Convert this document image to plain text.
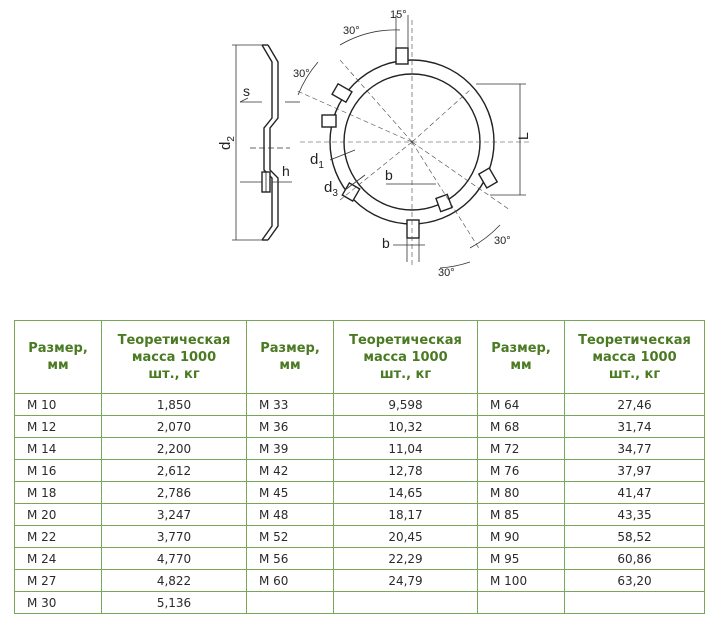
$d_2$
s
h
15°
30°
30°
30°
30°
$d_1$
$d_3$
b
b
L
Размер,
мм	Теоретическая
масса 1000
шт., кг	Размер,
мм	Теоретическая
масса 1000
шт., кг	Размер,
мм	Теоретическая
масса 1000
шт., кг

М 10	1,850	М 33	9,598	М 64	27,46
М 12	2,070	М 36	10,32	М 68	31,74
М 14	2,200	М 39	11,04	М 72	34,77
М 16	2,612	М 42	12,78	М 76	37,97
М 18	2,786	М 45	14,65	М 80	41,47
М 20	3,247	М 48	18,17	М 85	43,35
М 22	3,770	М 52	20,45	М 90	58,52
М 24	4,770	М 56	22,29	М 95	60,86
М 27	4,822	М 60	24,79	М 100	63,20
М 30	5,136				
